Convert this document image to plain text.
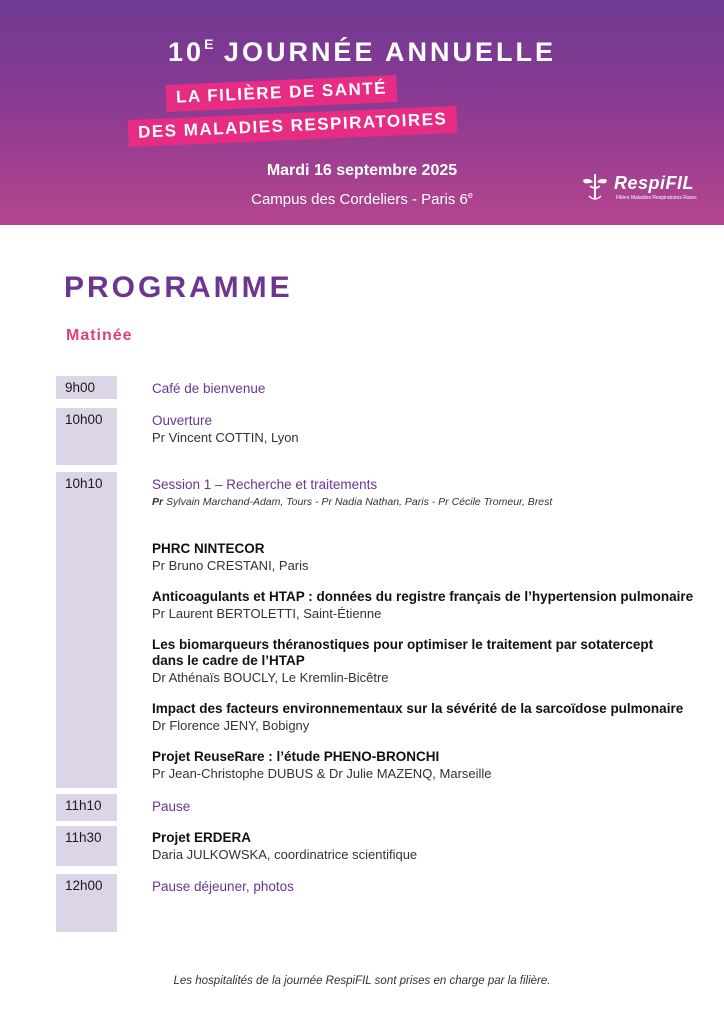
$10^E$ JOURNÉE ANNUELLE
LA FILIÈRE DE SANTÉ
DES MALADIES RESPIRATOIRES
Mardi 16 septembre 2025
Campus des Cordeliers - Paris 6e
RespiFIL
Filière Maladies Respiratoires Rares
PROGRAMME
Matinée
9h00	Café de bienvenue
10h00	Ouverture
Pr Vincent COTTIN, Lyon
10h10	Session 1 – Recherche et traitements
Pr Sylvain Marchand-Adam, Tours - Pr Nadia Nathan, Paris - Pr Cécile Tromeur, Brest
PHRC NINTECOR
Pr Bruno CRESTANI, Paris
Anticoagulants et HTAP : données du registre français de l’hypertension pulmonaire
Pr Laurent BERTOLETTI, Saint-Étienne
Les biomarqueurs théranostiques pour optimiser le traitement par sotatercept
dans le cadre de l’HTAP
Dr Athénaïs BOUCLY, Le Kremlin-Bicêtre
Impact des facteurs environnementaux sur la sévérité de la sarcoïdose pulmonaire
Dr Florence JENY, Bobigny
Projet ReuseRare : l’étude PHENO-BRONCHI
Pr Jean-Christophe DUBUS & Dr Julie MAZENQ, Marseille
11h10	Pause
11h30	Projet ERDERA
Daria JULKOWSKA, coordinatrice scientifique
12h00	Pause déjeuner, photos
Les hospitalités de la journée RespiFIL sont prises en charge par la filière.
